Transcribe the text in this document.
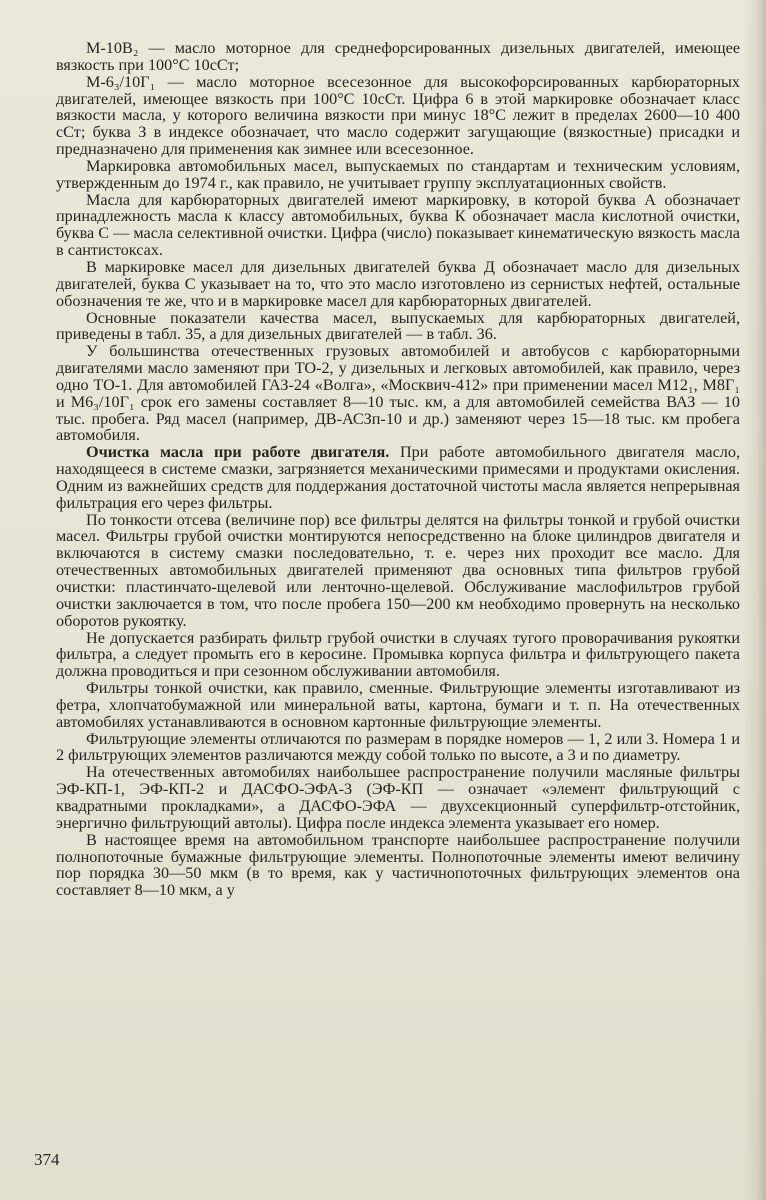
М-10В₂ — масло моторное для среднефорсированных дизельных двигателей, имеющее вязкость при 100°С 10сСт;

М-6₃/10Г₁ — масло моторное всесезонное для высокофорсированных карбюраторных двигателей, имеющее вязкость при 100°С 10сСт. Цифра 6 в этой маркировке обозначает класс вязкости масла, у которого величина вязкости при минус 18°С лежит в пределах 2600—10 400 сСт; буква З в индексе обозначает, что масло содержит загущающие (вязкостные) присадки и предназначено для применения как зимнее или всесезонное.

Маркировка автомобильных масел, выпускаемых по стандартам и техническим условиям, утвержденным до 1974 г., как правило, не учитывает группу эксплуатационных свойств.

Масла для карбюраторных двигателей имеют маркировку, в которой буква А обозначает принадлежность масла к классу автомобильных, буква К обозначает масла кислотной очистки, буква С — масла селективной очистки. Цифра (число) показывает кинематическую вязкость масла в сантистоксах.

В маркировке масел для дизельных двигателей буква Д обозначает масло для дизельных двигателей, буква С указывает на то, что это масло изготовлено из сернистых нефтей, остальные обозначения те же, что и в маркировке масел для карбюраторных двигателей.

Основные показатели качества масел, выпускаемых для карбюраторных двигателей, приведены в табл. 35, а для дизельных двигателей — в табл. 36.

У большинства отечественных грузовых автомобилей и автобусов с карбюраторными двигателями масло заменяют при ТО-2, у дизельных и легковых автомобилей, как правило, через одно ТО-1. Для автомобилей ГАЗ-24 «Волга», «Москвич-412» при применении масел М12₁, М8Г₁ и М6₃/10Г₁ срок его замены составляет 8—10 тыс. км, а для автомобилей семейства ВАЗ — 10 тыс. пробега. Ряд масел (например, ДВ-АСЗп-10 и др.) заменяют через 15—18 тыс. км пробега автомобиля.

Очистка масла при работе двигателя. При работе автомобильного двигателя масло, находящееся в системе смазки, загрязняется механическими примесями и продуктами окисления. Одним из важнейших средств для поддержания достаточной чистоты масла является непрерывная фильтрация его через фильтры.

По тонкости отсева (величине пор) все фильтры делятся на фильтры тонкой и грубой очистки масел. Фильтры грубой очистки монтируются непосредственно на блоке цилиндров двигателя и включаются в систему смазки последовательно, т. е. через них проходит все масло. Для отечественных автомобильных двигателей применяют два основных типа фильтров грубой очистки: пластинчато-щелевой или ленточно-щелевой. Обслуживание маслофильтров грубой очистки заключается в том, что после пробега 150—200 км необходимо провернуть на несколько оборотов рукоятку.

Не допускается разбирать фильтр грубой очистки в случаях тугого проворачивания рукоятки фильтра, а следует промыть его в керосине. Промывка корпуса фильтра и фильтрующего пакета должна проводиться и при сезонном обслуживании автомобиля.

Фильтры тонкой очистки, как правило, сменные. Фильтрующие элементы изготавливают из фетра, хлопчатобумажной или минеральной ваты, картона, бумаги и т. п. На отечественных автомобилях устанавливаются в основном картонные фильтрующие элементы.

Фильтрующие элементы отличаются по размерам в порядке номеров — 1, 2 или 3. Номера 1 и 2 фильтрующих элементов различаются между собой только по высоте, а 3 и по диаметру.

На отечественных автомобилях наибольшее распространение получили масляные фильтры ЭФ-КП-1, ЭФ-КП-2 и ДАСФО-ЭФА-3 (ЭФ-КП — означает «элемент фильтрующий с квадратными прокладками», а ДАСФО-ЭФА — двухсекционный суперфильтр-отстойник, энергично фильтрующий автолы). Цифра после индекса элемента указывает его номер.

В настоящее время на автомобильном транспорте наибольшее распространение получили полнопоточные бумажные фильтрующие элементы. Полнопоточные элементы имеют величину пор порядка 30—50 мкм (в то время, как у частичнопоточных фильтрующих элементов она составляет 8—10 мкм, а у

374
